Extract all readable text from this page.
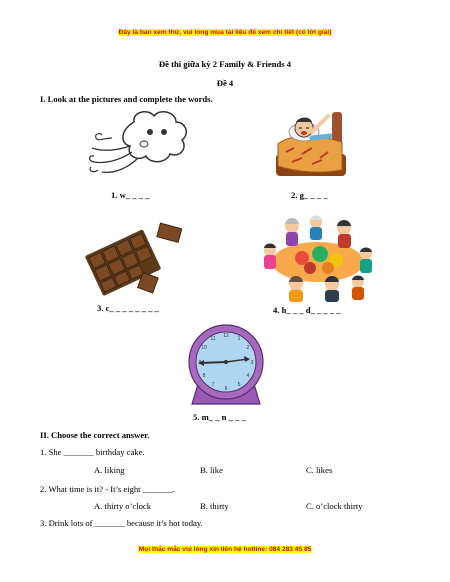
Đây là bản xem thử, vui lòng mua tài liệu để xem chi tiết (có lời giải)
Đề thi giữa kỳ 2 Family & Friends 4
Đề 4
I. Look at the pictures and complete the words.
1. w_ _ _ _	2. g_ _ _ _
3. c_ _ _ _ _ _ _ _	4. h_ _ _ d_ _ _ _ _
12 1
2
3
4
5
6
7
8
10
11
5. m_ _ n _ _ _
II. Choose the correct answer.
1. She _______ birthday cake.
A. liking	B. like	C. likes
2. What time is it? - It’s eight _______.
A. thirty o’clock	B. thirty	C. o’clock thirty
3. Drink lots of _______ because it’s hot today.
Mọi thắc mắc vui lòng xin liên hệ hotline: 084 283 45 85
